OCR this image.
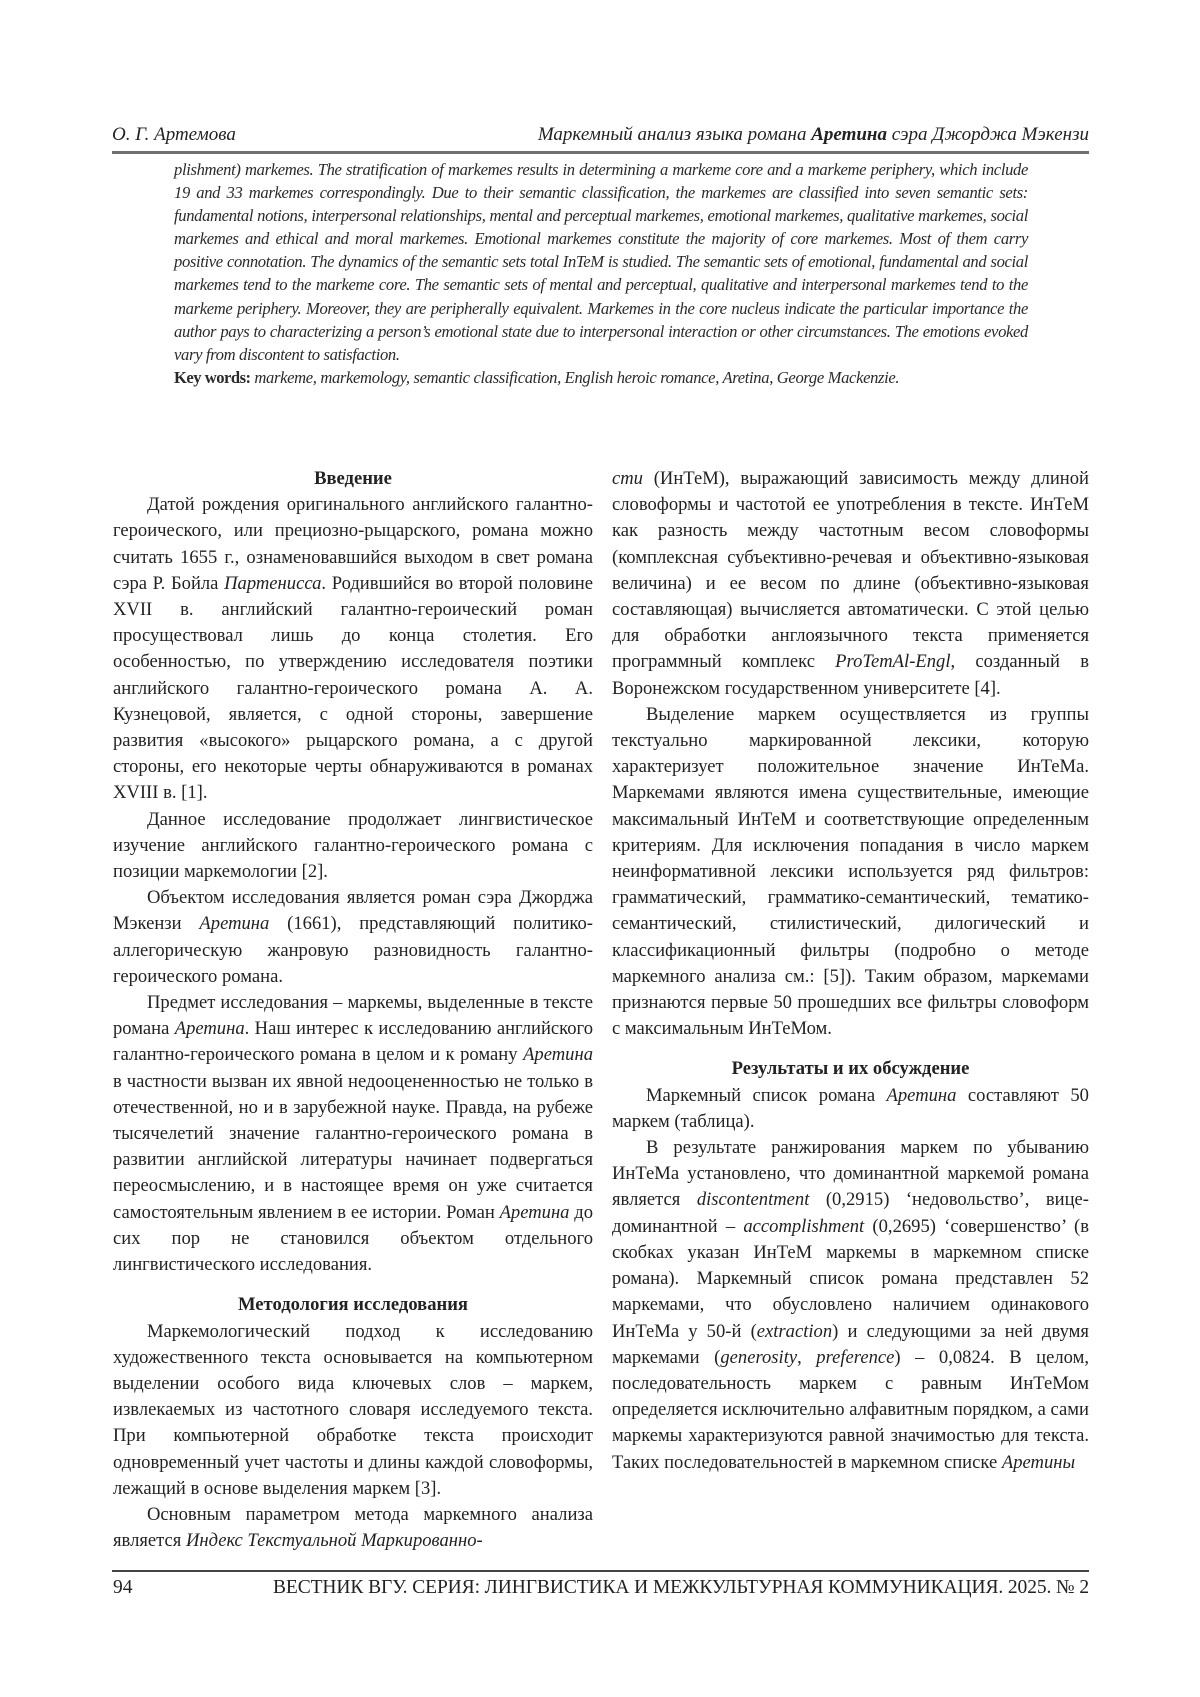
О. Г. Артемова	Маркемный анализ языка романа Аретина сэра Джорджа Мэкензи
plishment) markemes. The stratification of markemes results in determining a markeme core and a markeme periphery, which include 19 and 33 markemes correspondingly. Due to their semantic classification, the markemes are classified into seven semantic sets: fundamental notions, interpersonal relationships, mental and perceptual markemes, emotional markemes, qualitative markemes, social markemes and ethical and moral markemes. Emotional markemes constitute the majority of core markemes. Most of them carry positive connotation. The dynamics of the semantic sets total InTeM is studied. The semantic sets of emotional, fundamental and social markemes tend to the markeme core. The semantic sets of mental and perceptual, qualitative and interpersonal markemes tend to the markeme periphery. Moreover, they are peripherally equivalent. Markemes in the core nucleus indicate the particular importance the author pays to characterizing a person’s emotional state due to interpersonal interaction or other circumstances. The emotions evoked vary from discontent to satisfaction.
Key words: markeme, markemology, semantic classification, English heroic romance, Aretina, George Mackenzie.
Введение

Датой рождения оригинального английского галантно-героического, или прециозно-рыцарского, романа можно считать 1655 г., ознаменовавшийся выходом в свет романа сэра Р. Бойла Партенисса. Родившийся во второй половине XVII в. английский галантно-героический роман просуществовал лишь до конца столетия. Его особенностью, по утверждению исследователя поэтики английского галантно-героического романа А. А. Кузнецовой, является, с одной стороны, завершение развития «высокого» рыцарского романа, а с другой стороны, его некоторые черты обнаруживаются в романах XVIII в. [1].

Данное исследование продолжает лингвистическое изучение английского галантно-героического романа с позиции маркемологии [2].

Объектом исследования является роман сэра Джорджа Мэкензи Аретина (1661), представляющий политико-аллегорическую жанровую разновидность галантно-героического романа.

Предмет исследования – маркемы, выделенные в тексте романа Аретина. Наш интерес к исследованию английского галантно-героического романа в целом и к роману Аретина в частности вызван их явной недооцененностью не только в отечественной, но и в зарубежной науке. Правда, на рубеже тысячелетий значение галантно-героического романа в развитии английской литературы начинает подвергаться переосмыслению, и в настоящее время он уже считается самостоятельным явлением в ее истории. Роман Аретина до сих пор не становился объектом отдельного лингвистического исследования.

Методология исследования

Маркемологический подход к исследованию художественного текста основывается на компьютерном выделении особого вида ключевых слов – маркем, извлекаемых из частотного словаря исследуемого текста. При компьютерной обработке текста происходит одновременный учет частоты и длины каждой словоформы, лежащий в основе выделения маркем [3].

Основным параметром метода маркемного анализа является Индекс Текстуальной Маркированно-

сти (ИнТеМ), выражающий зависимость между длиной словоформы и частотой ее употребления в тексте. ИнТеМ как разность между частотным весом словоформы (комплексная субъективно-речевая и объективно-языковая величина) и ее весом по длине (объективно-языковая составляющая) вычисляется автоматически. С этой целью для обработки англоязычного текста применяется программный комплекс ProTemAl-Engl, созданный в Воронежском государственном университете [4].

Выделение маркем осуществляется из группы текстуально маркированной лексики, которую характеризует положительное значение ИнТеМа. Маркемами являются имена существительные, имеющие максимальный ИнТеМ и соответствующие определенным критериям. Для исключения попадания в число маркем неинформативной лексики используется ряд фильтров: грамматический, грамматико-семантический, тематико-семантический, стилистический, дилогический и классификационный фильтры (подробно о методе маркемного анализа см.: [5]). Таким образом, маркемами признаются первые 50 прошедших все фильтры словоформ с максимальным ИнТеМом.

Результаты и их обсуждение

Маркемный список романа Аретина составляют 50 маркем (таблица).

В результате ранжирования маркем по убыванию ИнТеМа установлено, что доминантной маркемой романа является discontentment (0,2915) ‘недовольство’, вице-доминантной – accomplishment (0,2695) ‘совершенство’ (в скобках указан ИнТеМ маркемы в маркемном списке романа). Маркемный список романа представлен 52 маркемами, что обусловлено наличием одинакового ИнТеМа у 50-й (extraction) и следующими за ней двумя маркемами (generosity, preference) – 0,0824. В целом, последовательность маркем с равным ИнТеМом определяется исключительно алфавитным порядком, а сами маркемы характеризуются равной значимостью для текста. Таких последовательностей в маркемном списке Аретины

94	ВЕСТНИК ВГУ. СЕРИЯ: ЛИНГВИСТИКА И МЕЖКУЛЬТУРНАЯ КОММУНИКАЦИЯ. 2025. № 2
